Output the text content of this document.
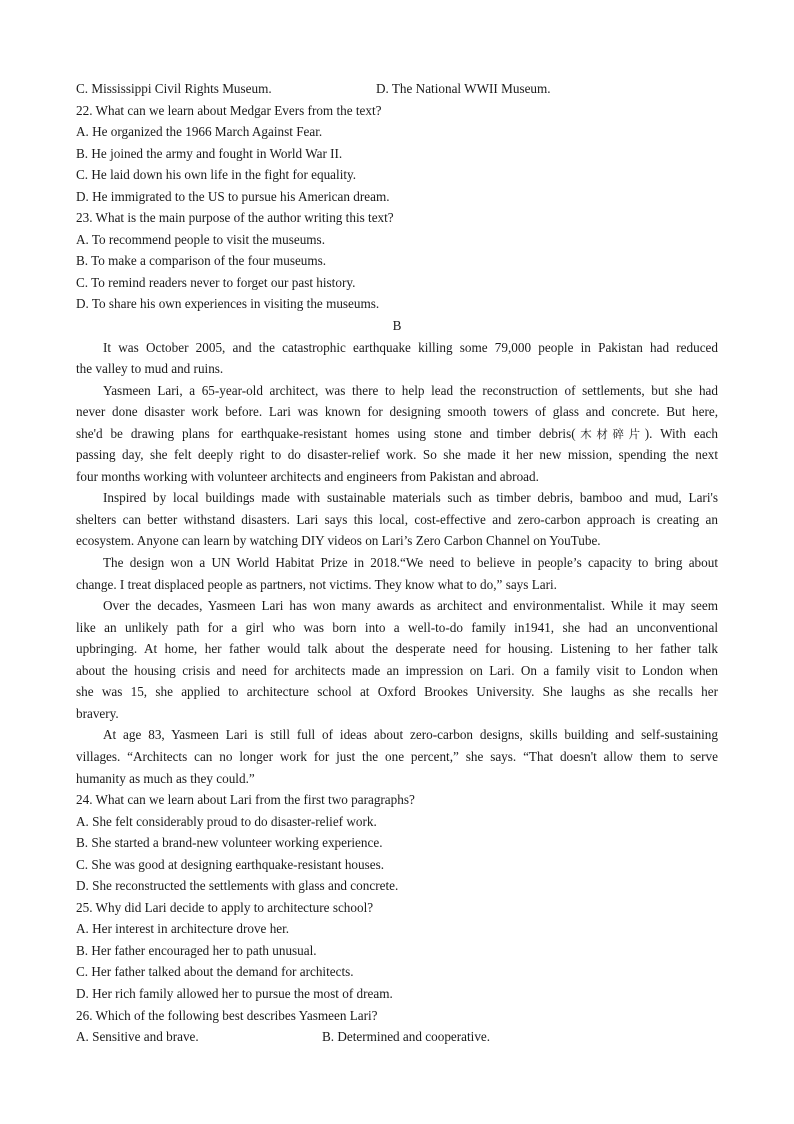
C. Mississippi Civil Rights Museum.	D. The National WWII Museum.
22. What can we learn about Medgar Evers from the text?
A. He organized the 1966 March Against Fear.
B. He joined the army and fought in World War II.
C. He laid down his own life in the fight for equality.
D. He immigrated to the US to pursue his American dream.
23. What is the main purpose of the author writing this text?
A. To recommend people to visit the museums.
B. To make a comparison of the four museums.
C. To remind readers never to forget our past history.
D. To share his own experiences in visiting the museums.
B
It was October 2005, and the catastrophic earthquake killing some 79,000 people in Pakistan had reduced
the valley to mud and ruins.
Yasmeen Lari, a 65-year-old architect, was there to help lead the reconstruction of settlements, but she had
never done disaster work before. Lari was known for designing smooth towers of glass and concrete. But here,
she'd be drawing plans for earthquake-resistant homes using stone and timber debris(木材碎片). With each
passing day, she felt deeply right to do disaster-relief work. So she made it her new mission, spending the next
four months working with volunteer architects and engineers from Pakistan and abroad.
Inspired by local buildings made with sustainable materials such as timber debris, bamboo and mud, Lari's
shelters can better withstand disasters. Lari says this local, cost-effective and zero-carbon approach is creating an
ecosystem. Anyone can learn by watching DIY videos on Lari’s Zero Carbon Channel on YouTube.
The design won a UN World Habitat Prize in 2018.“We need to believe in people’s capacity to bring about
change. I treat displaced people as partners, not victims. They know what to do,” says Lari.
Over the decades, Yasmeen Lari has won many awards as architect and environmentalist. While it may seem
like an unlikely path for a girl who was born into a well-to-do family in1941, she had an unconventional
upbringing. At home, her father would talk about the desperate need for housing. Listening to her father talk
about the housing crisis and need for architects made an impression on Lari. On a family visit to London when
she was 15, she applied to architecture school at Oxford Brookes University. She laughs as she recalls her
bravery.
At age 83, Yasmeen Lari is still full of ideas about zero-carbon designs, skills building and self-sustaining
villages. “Architects can no longer work for just the one percent,” she says. “That doesn't allow them to serve
humanity as much as they could.”
24. What can we learn about Lari from the first two paragraphs?
A. She felt considerably proud to do disaster-relief work.
B. She started a brand-new volunteer working experience.
C. She was good at designing earthquake-resistant houses.
D. She reconstructed the settlements with glass and concrete.
25. Why did Lari decide to apply to architecture school?
A. Her interest in architecture drove her.
B. Her father encouraged her to path unusual.
C. Her father talked about the demand for architects.
D. Her rich family allowed her to pursue the most of dream.
26. Which of the following best describes Yasmeen Lari?
A. Sensitive and brave.	B. Determined and cooperative.
